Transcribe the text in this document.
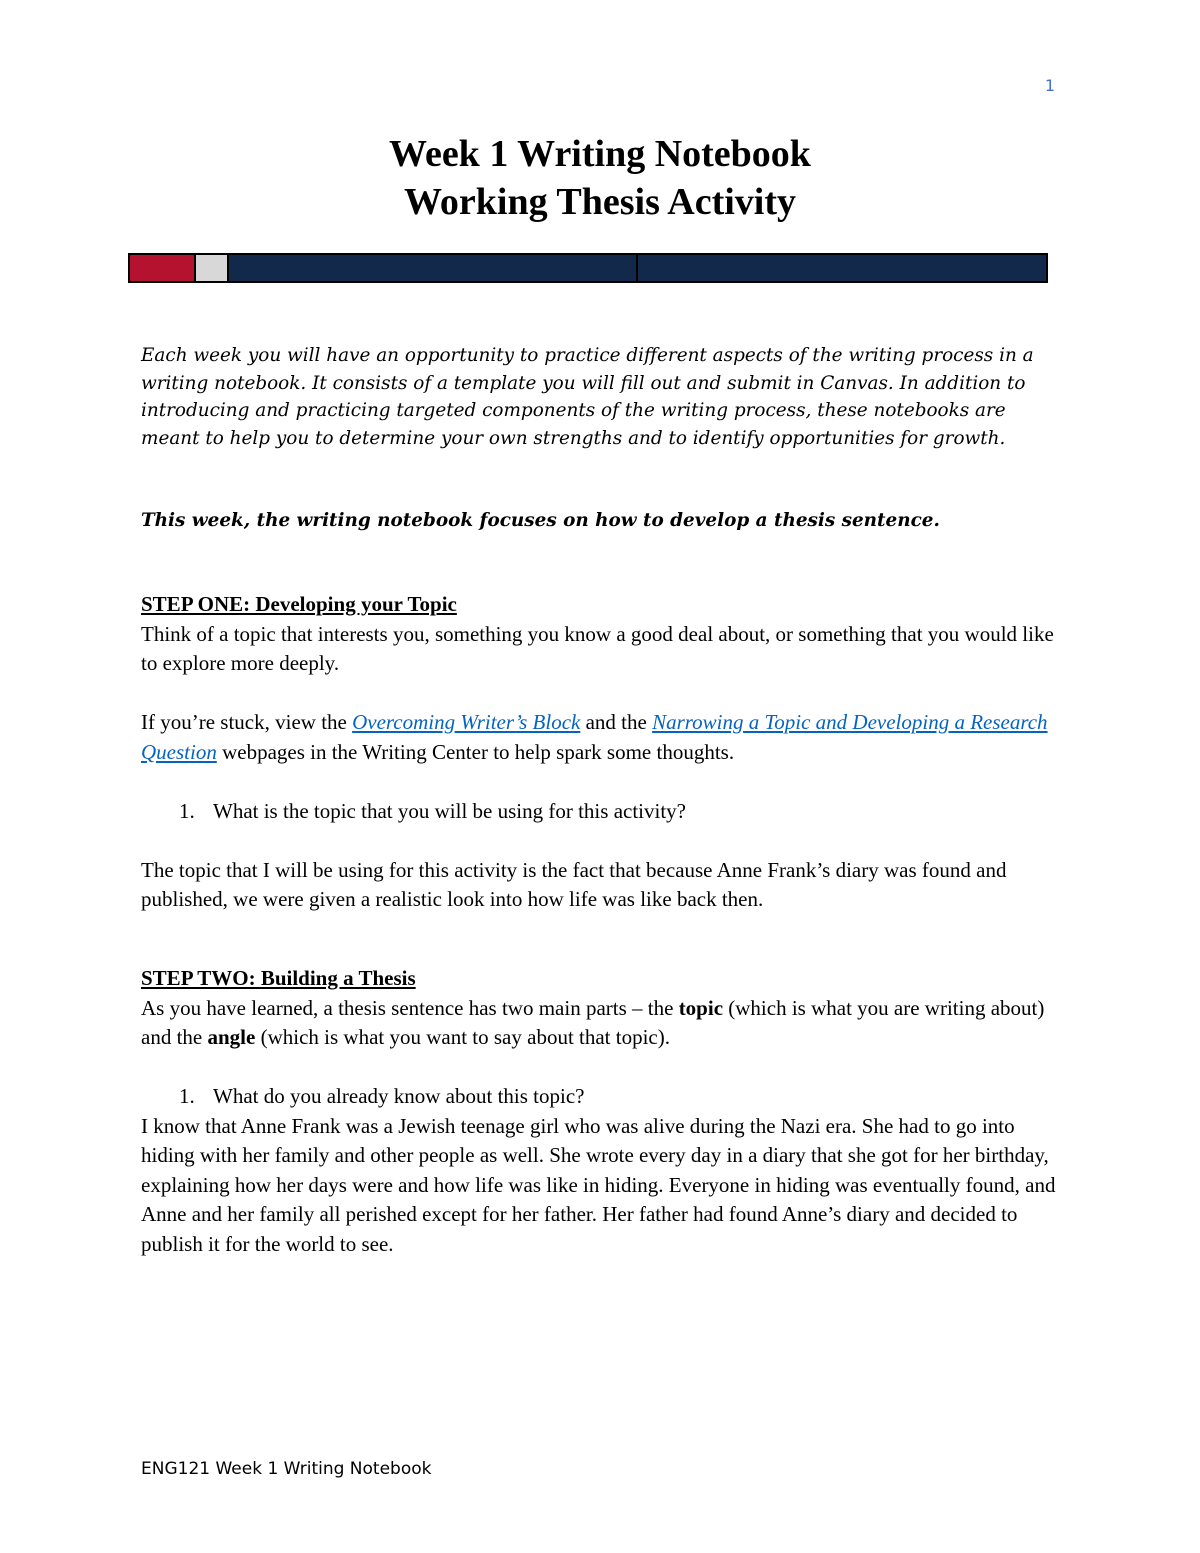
1
Week 1 Writing Notebook
Working Thesis Activity

Each week you will have an opportunity to practice different aspects of the writing process in a writing notebook. It consists of a template you will fill out and submit in Canvas. In addition to introducing and practicing targeted components of the writing process, these notebooks are meant to help you to determine your own strengths and to identify opportunities for growth.

This week, the writing notebook focuses on how to develop a thesis sentence.

STEP ONE: Developing your Topic

Think of a topic that interests you, something you know a good deal about, or something that you would like to explore more deeply.

If you’re stuck, view the Overcoming Writer’s Block and the Narrowing a Topic and Developing a Research Question webpages in the Writing Center to help spark some thoughts.

1. What is the topic that you will be using for this activity?

The topic that I will be using for this activity is the fact that because Anne Frank’s diary was found and published, we were given a realistic look into how life was like back then.

STEP TWO: Building a Thesis

As you have learned, a thesis sentence has two main parts – the topic (which is what you are writing about) and the angle (which is what you want to say about that topic).

1. What do you already know about this topic?

I know that Anne Frank was a Jewish teenage girl who was alive during the Nazi era. She had to go into hiding with her family and other people as well. She wrote every day in a diary that she got for her birthday, explaining how her days were and how life was like in hiding. Everyone in hiding was eventually found, and Anne and her family all perished except for her father. Her father had found Anne’s diary and decided to publish it for the world to see.

ENG121 Week 1 Writing Notebook
